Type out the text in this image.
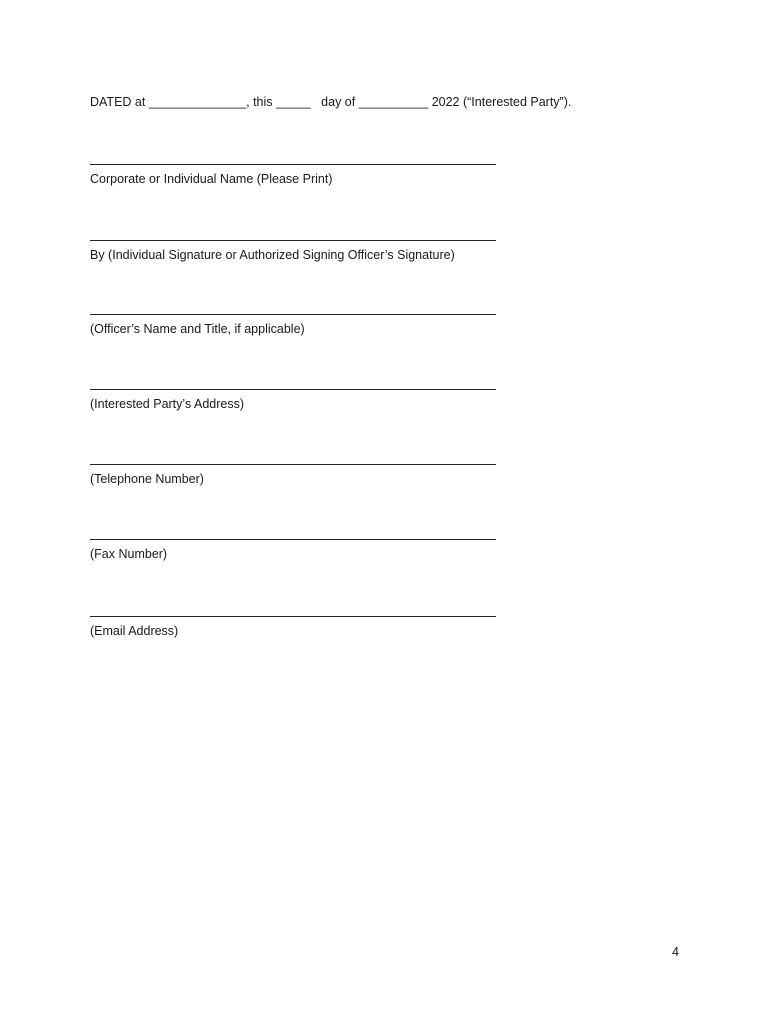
DATED at ______________, this _____   day of __________ 2022 (“Interested Party”).
Corporate or Individual Name (Please Print)
By (Individual Signature or Authorized Signing Officer’s Signature)
(Officer’s Name and Title, if applicable)
(Interested Party’s Address)
(Telephone Number)
(Fax Number)
(Email Address)
4
